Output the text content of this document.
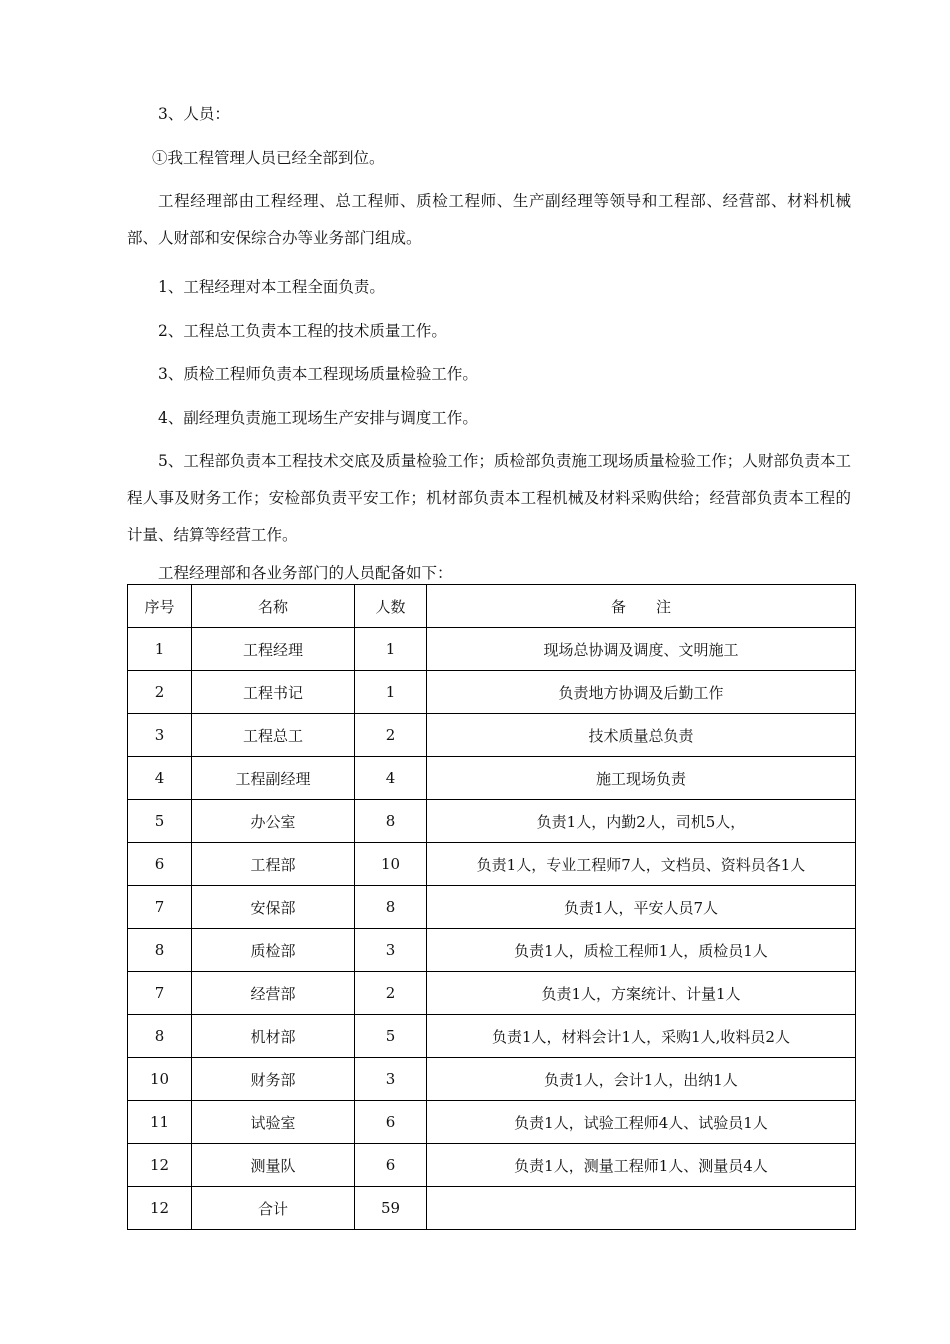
3、人员：

①我工程管理人员已经全部到位。

工程经理部由工程经理、总工程师、质检工程师、生产副经理等领导和工程部、经营部、材料机械部、人财部和安保综合办等业务部门组成。

1、工程经理对本工程全面负责。

2、工程总工负责本工程的技术质量工作。

3、质检工程师负责本工程现场质量检验工作。

4、副经理负责施工现场生产安排与调度工作。

5、工程部负责本工程技术交底及质量检验工作；质检部负责施工现场质量检验工作；人财部负责本工程人事及财务工作；安检部负责平安工作；机材部负责本工程机械及材料采购供给；经营部负责本工程的计量、结算等经营工作。

工程经理部和各业务部门的人员配备如下：

序号	名称	人数	备　　注
1	工程经理	1	现场总协调及调度、文明施工
2	工程书记	1	负责地方协调及后勤工作
3	工程总工	2	技术质量总负责
4	工程副经理	4	施工现场负责
5	办公室	8	负责1人，内勤2人，司机5人，
6	工程部	10	负责1人，专业工程师7人，文档员、资料员各1人
7	安保部	8	负责1人，平安人员7人
8	质检部	3	负责1人，质检工程师1人，质检员1人
7	经营部	2	负责1人，方案统计、计量1人
8	机材部	5	负责1人，材料会计1人，采购1人,收料员2人
10	财务部	3	负责1人，会计1人，出纳1人
11	试验室	6	负责1人，试验工程师4人、试验员1人
12	测量队	6	负责1人，测量工程师1人、测量员4人
12	合计	59	
